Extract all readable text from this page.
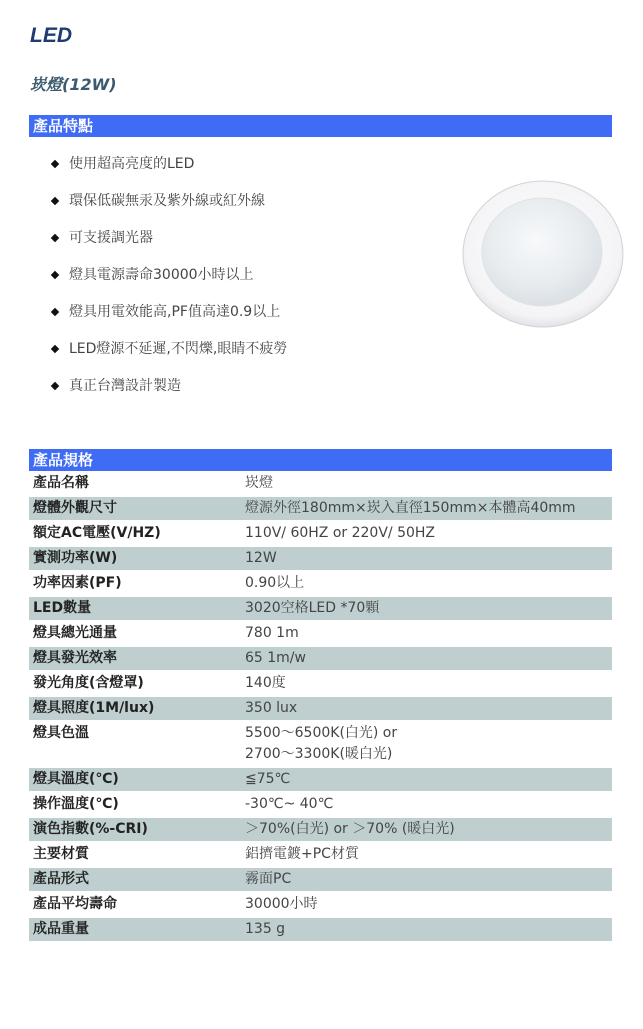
LED
崁燈(12W)
產品特點
使用超高亮度的LED
環保低碳無汞及紫外線或紅外線
可支援調光器
燈具電源壽命30000小時以上
燈具用電效能高,PF值高達0.9以上
LED燈源不延遲,不閃爍,眼睛不疲勞
真正台灣設計製造
產品規格
產品名稱	崁燈
燈體外觀尺寸	燈源外徑180mm×崁入直徑150mm×本體高40mm
額定AC電壓(V/HZ)	110V/ 60HZ or 220V/ 50HZ
實測功率(W)	12W
功率因素(PF)	0.90以上
LED數量	3020空格LED *70顆
燈具總光通量	780 1m
燈具發光效率	65 1m/w
發光角度(含燈罩)	140度
燈具照度(1M/lux)	350 lux
燈具色溫	5500～6500K(白光) or
2700～3300K(暖白光)
燈具溫度(℃)	≦75℃
操作溫度(℃)	-30℃~ 40℃
演色指數(%-CRI)	＞70%(白光) or ＞70% (暖白光)
主要材質	鋁擠電鍍+PC材質
產品形式	霧面PC
產品平均壽命	30000小時
成品重量	135 g
